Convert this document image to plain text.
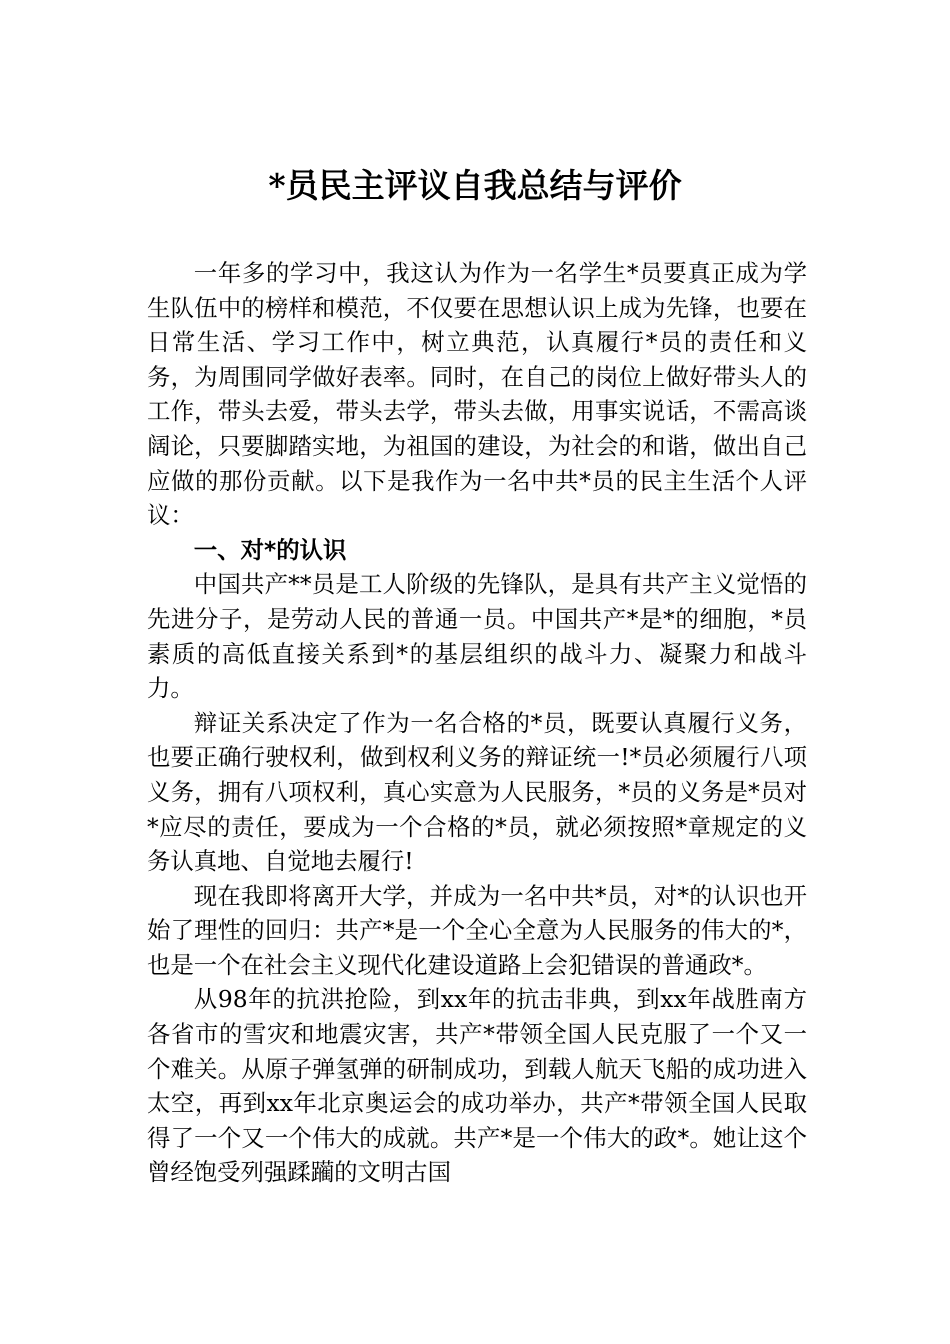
*员民主评议自我总结与评价

一年多的学习中，我这认为作为一名学生*员要真正成为学生队伍中的榜样和模范，不仅要在思想认识上成为先锋，也要在日常生活、学习工作中，树立典范，认真履行*员的责任和义务，为周围同学做好表率。同时，在自己的岗位上做好带头人的工作，带头去爱，带头去学，带头去做，用事实说话，不需高谈阔论，只要脚踏实地，为祖国的建设，为社会的和谐，做出自己应做的那份贡献。以下是我作为一名中共*员的民主生活个人评议：

一、对*的认识

中国共产**员是工人阶级的先锋队，是具有共产主义觉悟的先进分子，是劳动人民的普通一员。中国共产*是*的细胞，*员素质的高低直接关系到*的基层组织的战斗力、凝聚力和战斗力。

辩证关系决定了作为一名合格的*员，既要认真履行义务，也要正确行驶权利，做到权利义务的辩证统一!*员必须履行八项义务，拥有八项权利，真心实意为人民服务，*员的义务是*员对*应尽的责任，要成为一个合格的*员，就必须按照*章规定的义务认真地、自觉地去履行!

现在我即将离开大学，并成为一名中共*员，对*的认识也开始了理性的回归：共产*是一个全心全意为人民服务的伟大的*，也是一个在社会主义现代化建设道路上会犯错误的普通政*。

从98年的抗洪抢险，到xx年的抗击非典，到xx年战胜南方各省市的雪灾和地震灾害，共产*带领全国人民克服了一个又一个难关。从原子弹氢弹的研制成功，到载人航天飞船的成功进入太空，再到xx年北京奥运会的成功举办，共产*带领全国人民取得了一个又一个伟大的成就。共产*是一个伟大的政*。她让这个曾经饱受列强蹂躏的文明古国
